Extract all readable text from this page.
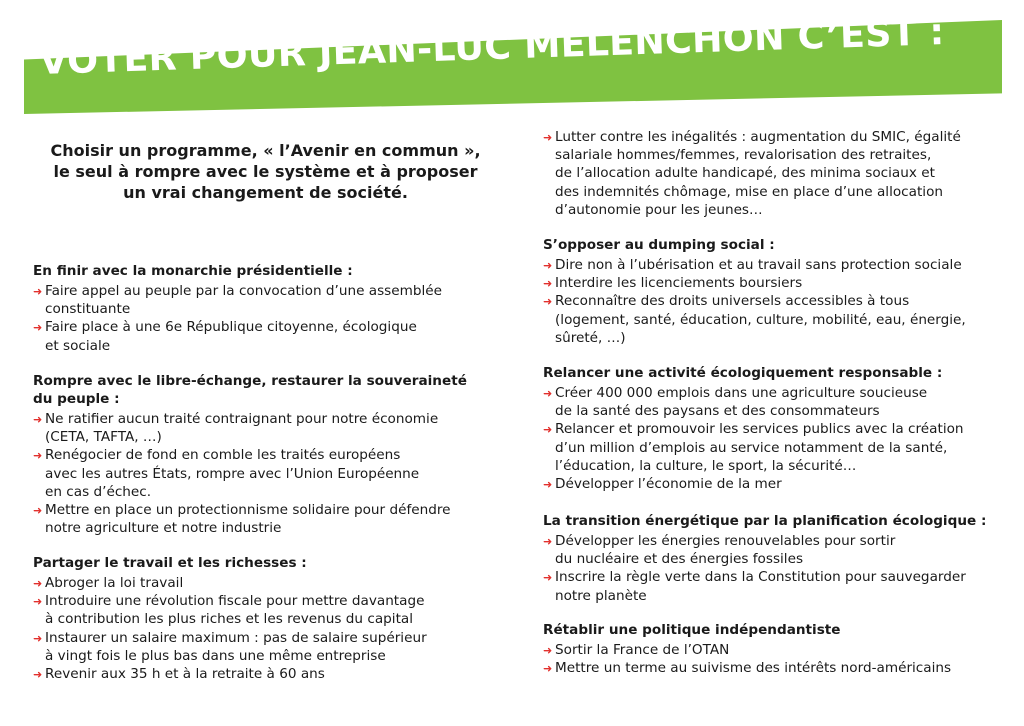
VOTER POUR JEAN-LUC MÉLENCHON C’EST :
Choisir un programme, « l’Avenir en commun »,
le seul à rompre avec le système et à proposer
un vrai changement de société.
En finir avec la monarchie présidentielle :
➜ Faire appel au peuple par la convocation d’une assemblée
constituante
➜ Faire place à une 6e République citoyenne, écologique
et sociale
Rompre avec le libre-échange, restaurer la souveraineté
du peuple :
➜ Ne ratifier aucun traité contraignant pour notre économie
(CETA, TAFTA, …)
➜ Renégocier de fond en comble les traités européens
avec les autres États, rompre avec l’Union Européenne
en cas d’échec.
➜ Mettre en place un protectionnisme solidaire pour défendre
notre agriculture et notre industrie
Partager le travail et les richesses :
➜ Abroger la loi travail
➜ Introduire une révolution fiscale pour mettre davantage
à contribution les plus riches et les revenus du capital
➜ Instaurer un salaire maximum : pas de salaire supérieur
à vingt fois le plus bas dans une même entreprise
➜ Revenir aux 35 h et à la retraite à 60 ans
➜ Lutter contre les inégalités : augmentation du SMIC, égalité
salariale hommes/femmes, revalorisation des retraites,
de l’allocation adulte handicapé, des minima sociaux et
des indemnités chômage, mise en place d’une allocation
d’autonomie pour les jeunes…
S’opposer au dumping social :
➜ Dire non à l’ubérisation et au travail sans protection sociale
➜ Interdire les licenciements boursiers
➜ Reconnaître des droits universels accessibles à tous
(logement, santé, éducation, culture, mobilité, eau, énergie,
sûreté, …)
Relancer une activité écologiquement responsable :
➜ Créer 400 000 emplois dans une agriculture soucieuse
de la santé des paysans et des consommateurs
➜ Relancer et promouvoir les services publics avec la création
d’un million d’emplois au service notamment de la santé,
l’éducation, la culture, le sport, la sécurité…
➜ Développer l’économie de la mer
La transition énergétique par la planification écologique :
➜ Développer les énergies renouvelables pour sortir
du nucléaire et des énergies fossiles
➜ Inscrire la règle verte dans la Constitution pour sauvegarder
notre planète
Rétablir une politique indépendantiste
➜ Sortir la France de l’OTAN
➜ Mettre un terme au suivisme des intérêts nord-américains
